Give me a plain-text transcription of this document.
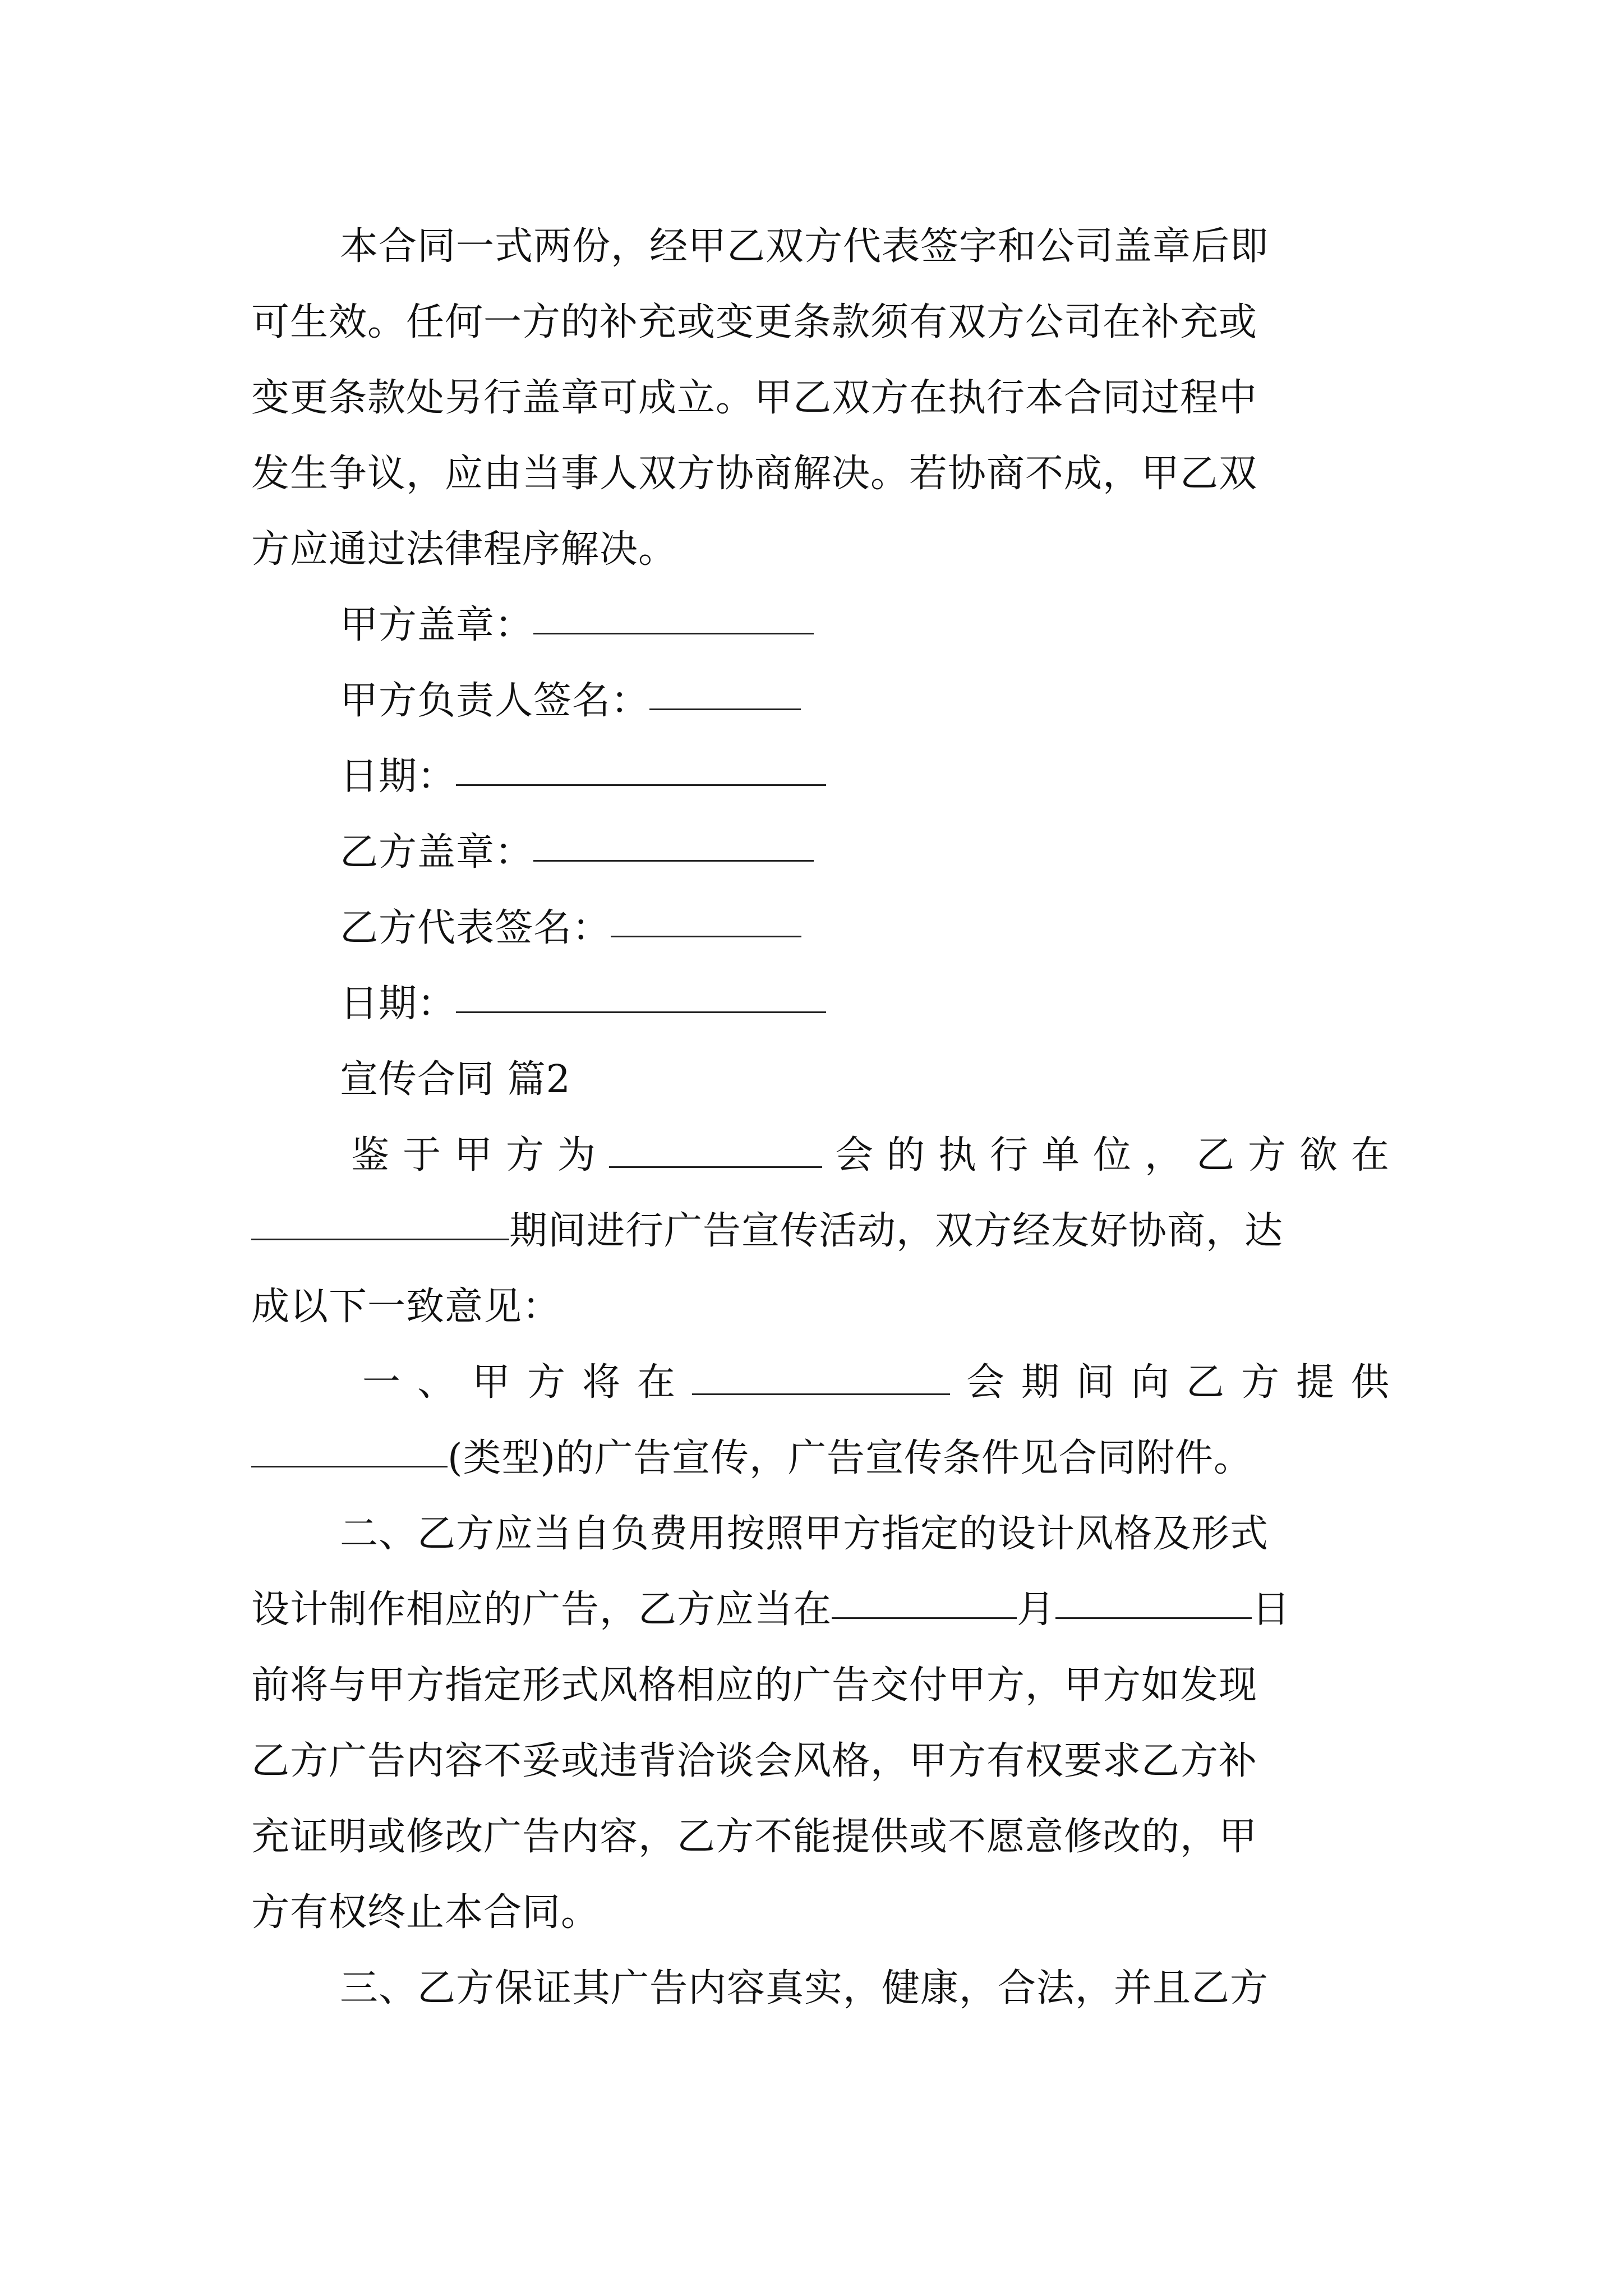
本合同一式两份，经甲乙双方代表签字和公司盖章后即
可生效。任何一方的补充或变更条款须有双方公司在补充或
变更条款处另行盖章可成立。甲乙双方在执行本合同过程中
发生争议，应由当事人双方协商解决。若协商不成，甲乙双
方应通过法律程序解决。
甲方盖章：
甲方负责人签名：
日期：
乙方盖章：
乙方代表签名：
日期：
宣传合同 篇2
鉴 于 甲 方 为	会 的 执 行 单 位 ， 乙 方 欲 在
期间进行广告宣传活动，双方经友好协商，达
成以下一致意见：
一 、 甲 方 将 在	会 期 间 向 乙 方 提 供
(类型)的广告宣传，广告宣传条件见合同附件。
二、乙方应当自负费用按照甲方指定的设计风格及形式
设计制作相应的广告，乙方应当在	月	日
前将与甲方指定形式风格相应的广告交付甲方，甲方如发现
乙方广告内容不妥或违背洽谈会风格，甲方有权要求乙方补
充证明或修改广告内容，乙方不能提供或不愿意修改的，甲
方有权终止本合同。
三、乙方保证其广告内容真实，健康，合法，并且乙方
